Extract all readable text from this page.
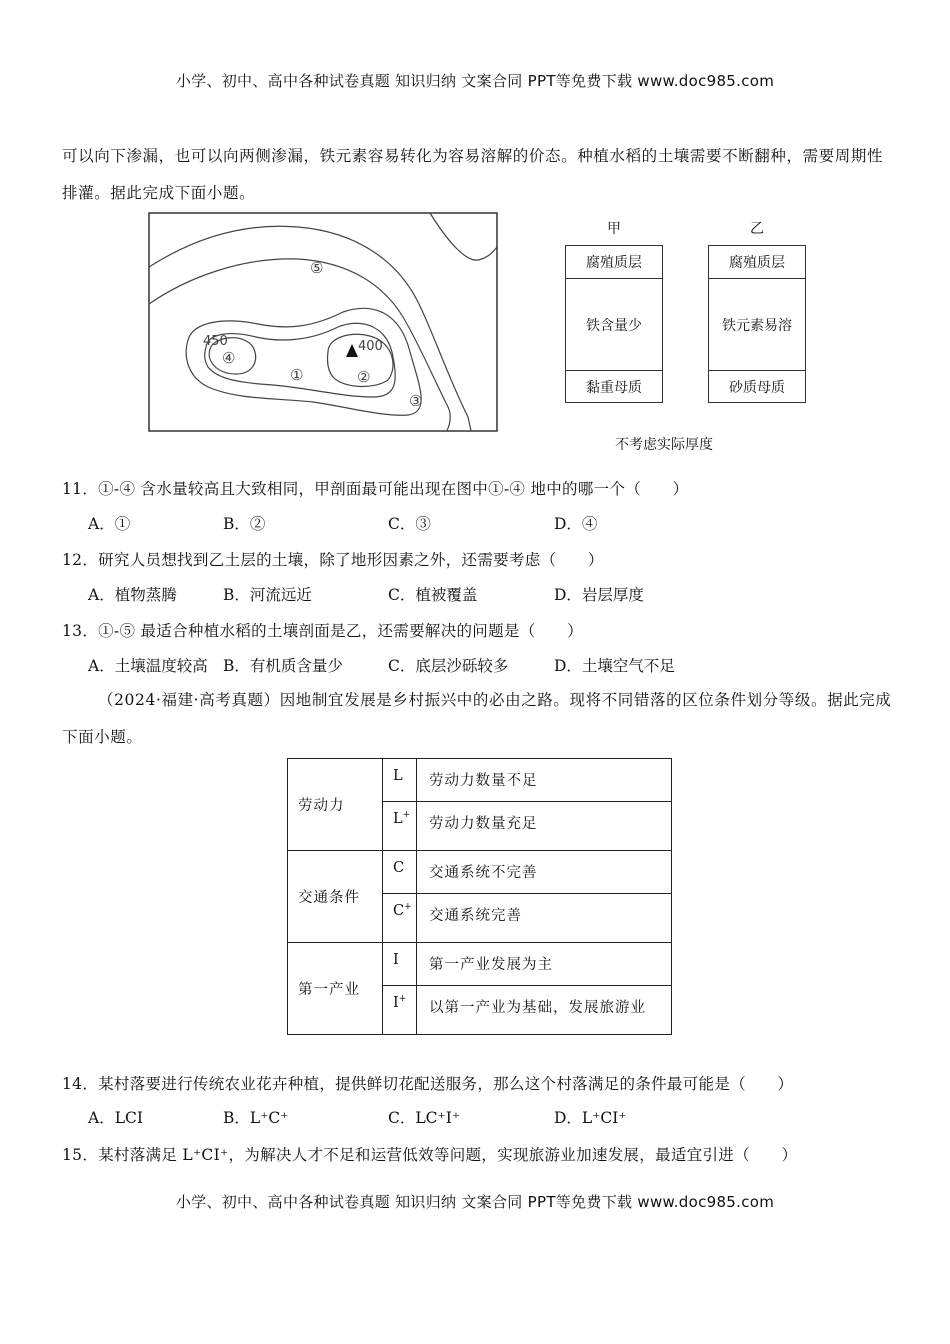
小学、初中、高中各种试卷真题 知识归纳 文案合同 PPT等免费下载 www.doc985.com
可以向下渗漏，也可以向两侧渗漏，铁元素容易转化为容易溶解的价态。种植水稻的土壤需要不断翻种，需要周期性排灌。据此完成下面小题。
450	400
⑤
④
①	②
③
甲
腐殖质层
铁含量少
黏重母质
乙
腐殖质层
铁元素易溶
砂质母质
不考虑实际厚度
11．①-④ 含水量较高且大致相同，甲剖面最可能出现在图中①-④ 地中的哪一个（　　）
A．①	B．②	C．③	D．④
12．研究人员想找到乙土层的土壤，除了地形因素之外，还需要考虑（　　）
A．植物蒸腾	B．河流远近	C．植被覆盖	D．岩层厚度
13．①-⑤ 最适合种植水稻的土壤剖面是乙，还需要解决的问题是（　　）
A．土壤温度较高 B．有机质含量少	C．底层沙砾较多	D．土壤空气不足
（2024·福建·高考真题）因地制宜发展是乡村振兴中的必由之路。现将不同错落的区位条件划分等级。据此完成下面小题。
劳动力	L	劳动力数量不足
	L+	劳动力数量充足
交通条件	C	交通系统不完善
	C+	交通系统完善
第一产业	I	第一产业发展为主
	I+	以第一产业为基础，发展旅游业
14．某村落要进行传统农业花卉种植，提供鲜切花配送服务，那么这个村落满足的条件最可能是（　　）
A．LCI	B．L⁺C⁺	C．LC⁺I⁺	D．L⁺CI⁺
15．某村落满足 L⁺CI⁺，为解决人才不足和运营低效等问题，实现旅游业加速发展，最适宜引进（　　）
小学、初中、高中各种试卷真题 知识归纳 文案合同 PPT等免费下载 www.doc985.com
